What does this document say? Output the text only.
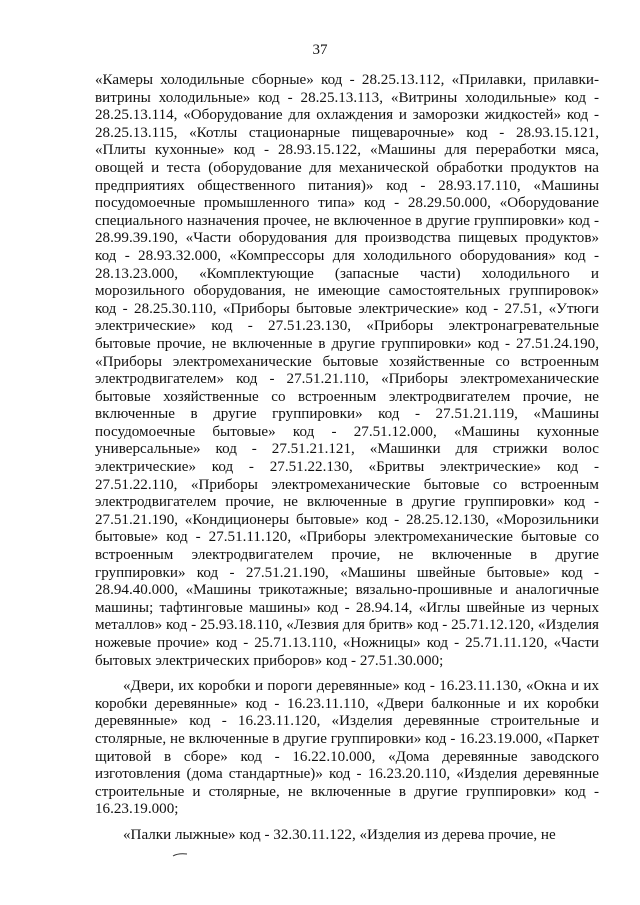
37

«Камеры холодильные сборные» код - 28.25.13.112, «Прилавки, прилавки-витрины холодильные» код - 28.25.13.113, «Витрины холодильные» код - 28.25.13.114, «Оборудование для охлаждения и заморозки жидкостей» код - 28.25.13.115, «Котлы стационарные пищеварочные» код - 28.93.15.121, «Плиты кухонные» код - 28.93.15.122, «Машины для переработки мяса, овощей и теста (оборудование для механической обработки продуктов на предприятиях общественного питания)» код - 28.93.17.110, «Машины посудомоечные промышленного типа» код - 28.29.50.000, «Оборудование специального назначения прочее, не включенное в другие группировки» код - 28.99.39.190, «Части оборудования для производства пищевых продуктов» код - 28.93.32.000, «Компрессоры для холодильного оборудования» код - 28.13.23.000, «Комплектующие (запасные части) холодильного и морозильного оборудования, не имеющие самостоятельных группировок» код - 28.25.30.110, «Приборы бытовые электрические» код - 27.51, «Утюги электрические» код - 27.51.23.130, «Приборы электронагревательные бытовые прочие, не включенные в другие группировки» код - 27.51.24.190, «Приборы электромеханические бытовые хозяйственные со встроенным электродвигателем» код - 27.51.21.110, «Приборы электромеханические бытовые хозяйственные со встроенным электродвигателем прочие, не включенные в другие группировки» код - 27.51.21.119, «Машины посудомоечные бытовые» код - 27.51.12.000, «Машины кухонные универсальные» код - 27.51.21.121, «Машинки для стрижки волос электрические» код - 27.51.22.130, «Бритвы электрические» код - 27.51.22.110, «Приборы электромеханические бытовые со встроенным электродвигателем прочие, не включенные в другие группировки» код - 27.51.21.190, «Кондиционеры бытовые» код - 28.25.12.130, «Морозильники бытовые» код - 27.51.11.120, «Приборы электромеханические бытовые со встроенным электродвигателем прочие, не включенные в другие группировки» код - 27.51.21.190, «Машины швейные бытовые» код - 28.94.40.000, «Машины трикотажные; вязально-прошивные и аналогичные машины; тафтинговые машины» код - 28.94.14, «Иглы швейные из черных металлов» код - 25.93.18.110, «Лезвия для бритв» код - 25.71.12.120, «Изделия ножевые прочие» код - 25.71.13.110, «Ножницы» код - 25.71.11.120, «Части бытовых электрических приборов» код - 27.51.30.000;

«Двери, их коробки и пороги деревянные» код - 16.23.11.130, «Окна и их коробки деревянные» код - 16.23.11.110, «Двери балконные и их коробки деревянные» код - 16.23.11.120, «Изделия деревянные строительные и столярные, не включенные в другие группировки» код - 16.23.19.000, «Паркет щитовой в сборе» код - 16.22.10.000, «Дома деревянные заводского изготовления (дома стандартные)» код - 16.23.20.110, «Изделия деревянные строительные и столярные, не включенные в другие группировки» код - 16.23.19.000;

«Палки лыжные» код - 32.30.11.122, «Изделия из дерева прочие, не
